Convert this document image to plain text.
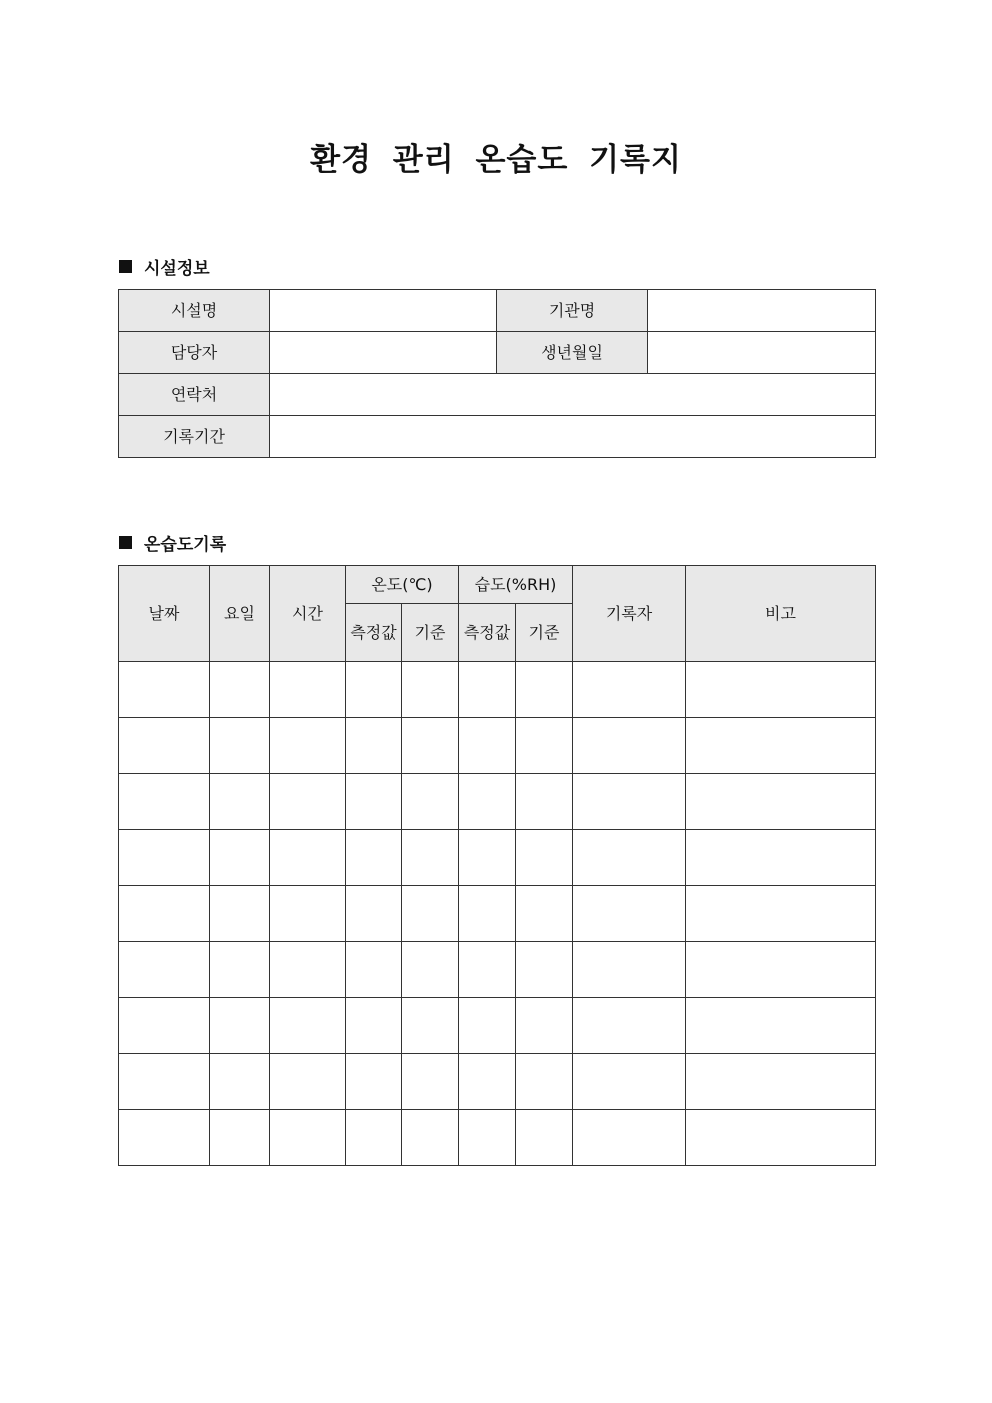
환경 관리 온습도 기록지
시설정보
시설명		기관명	
담당자		생년월일	
연락처			
기록기간			
온습도기록
날짜	요일	시간	온도(℃)		습도(%RH)		기록자	비고
			측정값	기준	측정값	기준		
